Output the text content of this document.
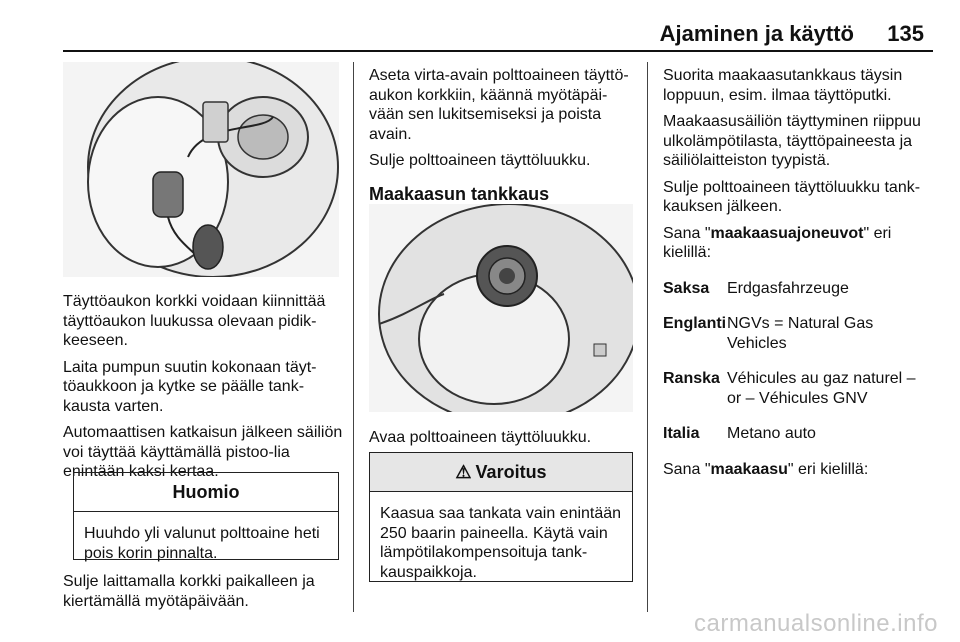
Ajaminen ja käyttö 135

Täyttöaukon korkki voidaan kiinnittää täyttöaukon luukussa olevaan pidik-keeseen.

Laita pumpun suutin kokonaan täyt-töaukkoon ja kytke se päälle tank-kausta varten.

Automaattisen katkaisun jälkeen säiliön voi täyttää käyttämällä pistoo-lia enintään kaksi kertaa.

Huomio
Huuhdo yli valunut polttoaine heti pois korin pinnalta.

Sulje laittamalla korkki paikalleen ja kiertämällä myötäpäivään.

Aseta virta-avain polttoaineen täyttö-aukon korkkiin, käännä myötäpäi-vään sen lukitsemiseksi ja poista avain.

Sulje polttoaineen täyttöluukku.

Maakaasun tankkaus

Avaa polttoaineen täyttöluukku.

⚠ Varoitus
Kaasua saa tankata vain enintään 250 baarin paineella. Käytä vain lämpötilakompensoituja tank-kauspaikkoja.

Suorita maakaasutankkaus täysin loppuun, esim. ilmaa täyttöputki.

Maakaasusäiliön täyttyminen riippuu ulkolämpötilasta, täyttöpaineesta ja säiliölaitteiston tyypistä.

Sulje polttoaineen täyttöluukku tank-kauksen jälkeen.

Sana "maakaasuajoneuvot" eri kielillä:

Saksa	Erdgasfahrzeuge
Englanti NGVs = Natural Gas Vehicles
Ranska Véhicules au gaz naturel – or – Véhicules GNV
Italia	Metano auto

Sana "maakaasu" eri kielillä:

carmanualsonline.info
